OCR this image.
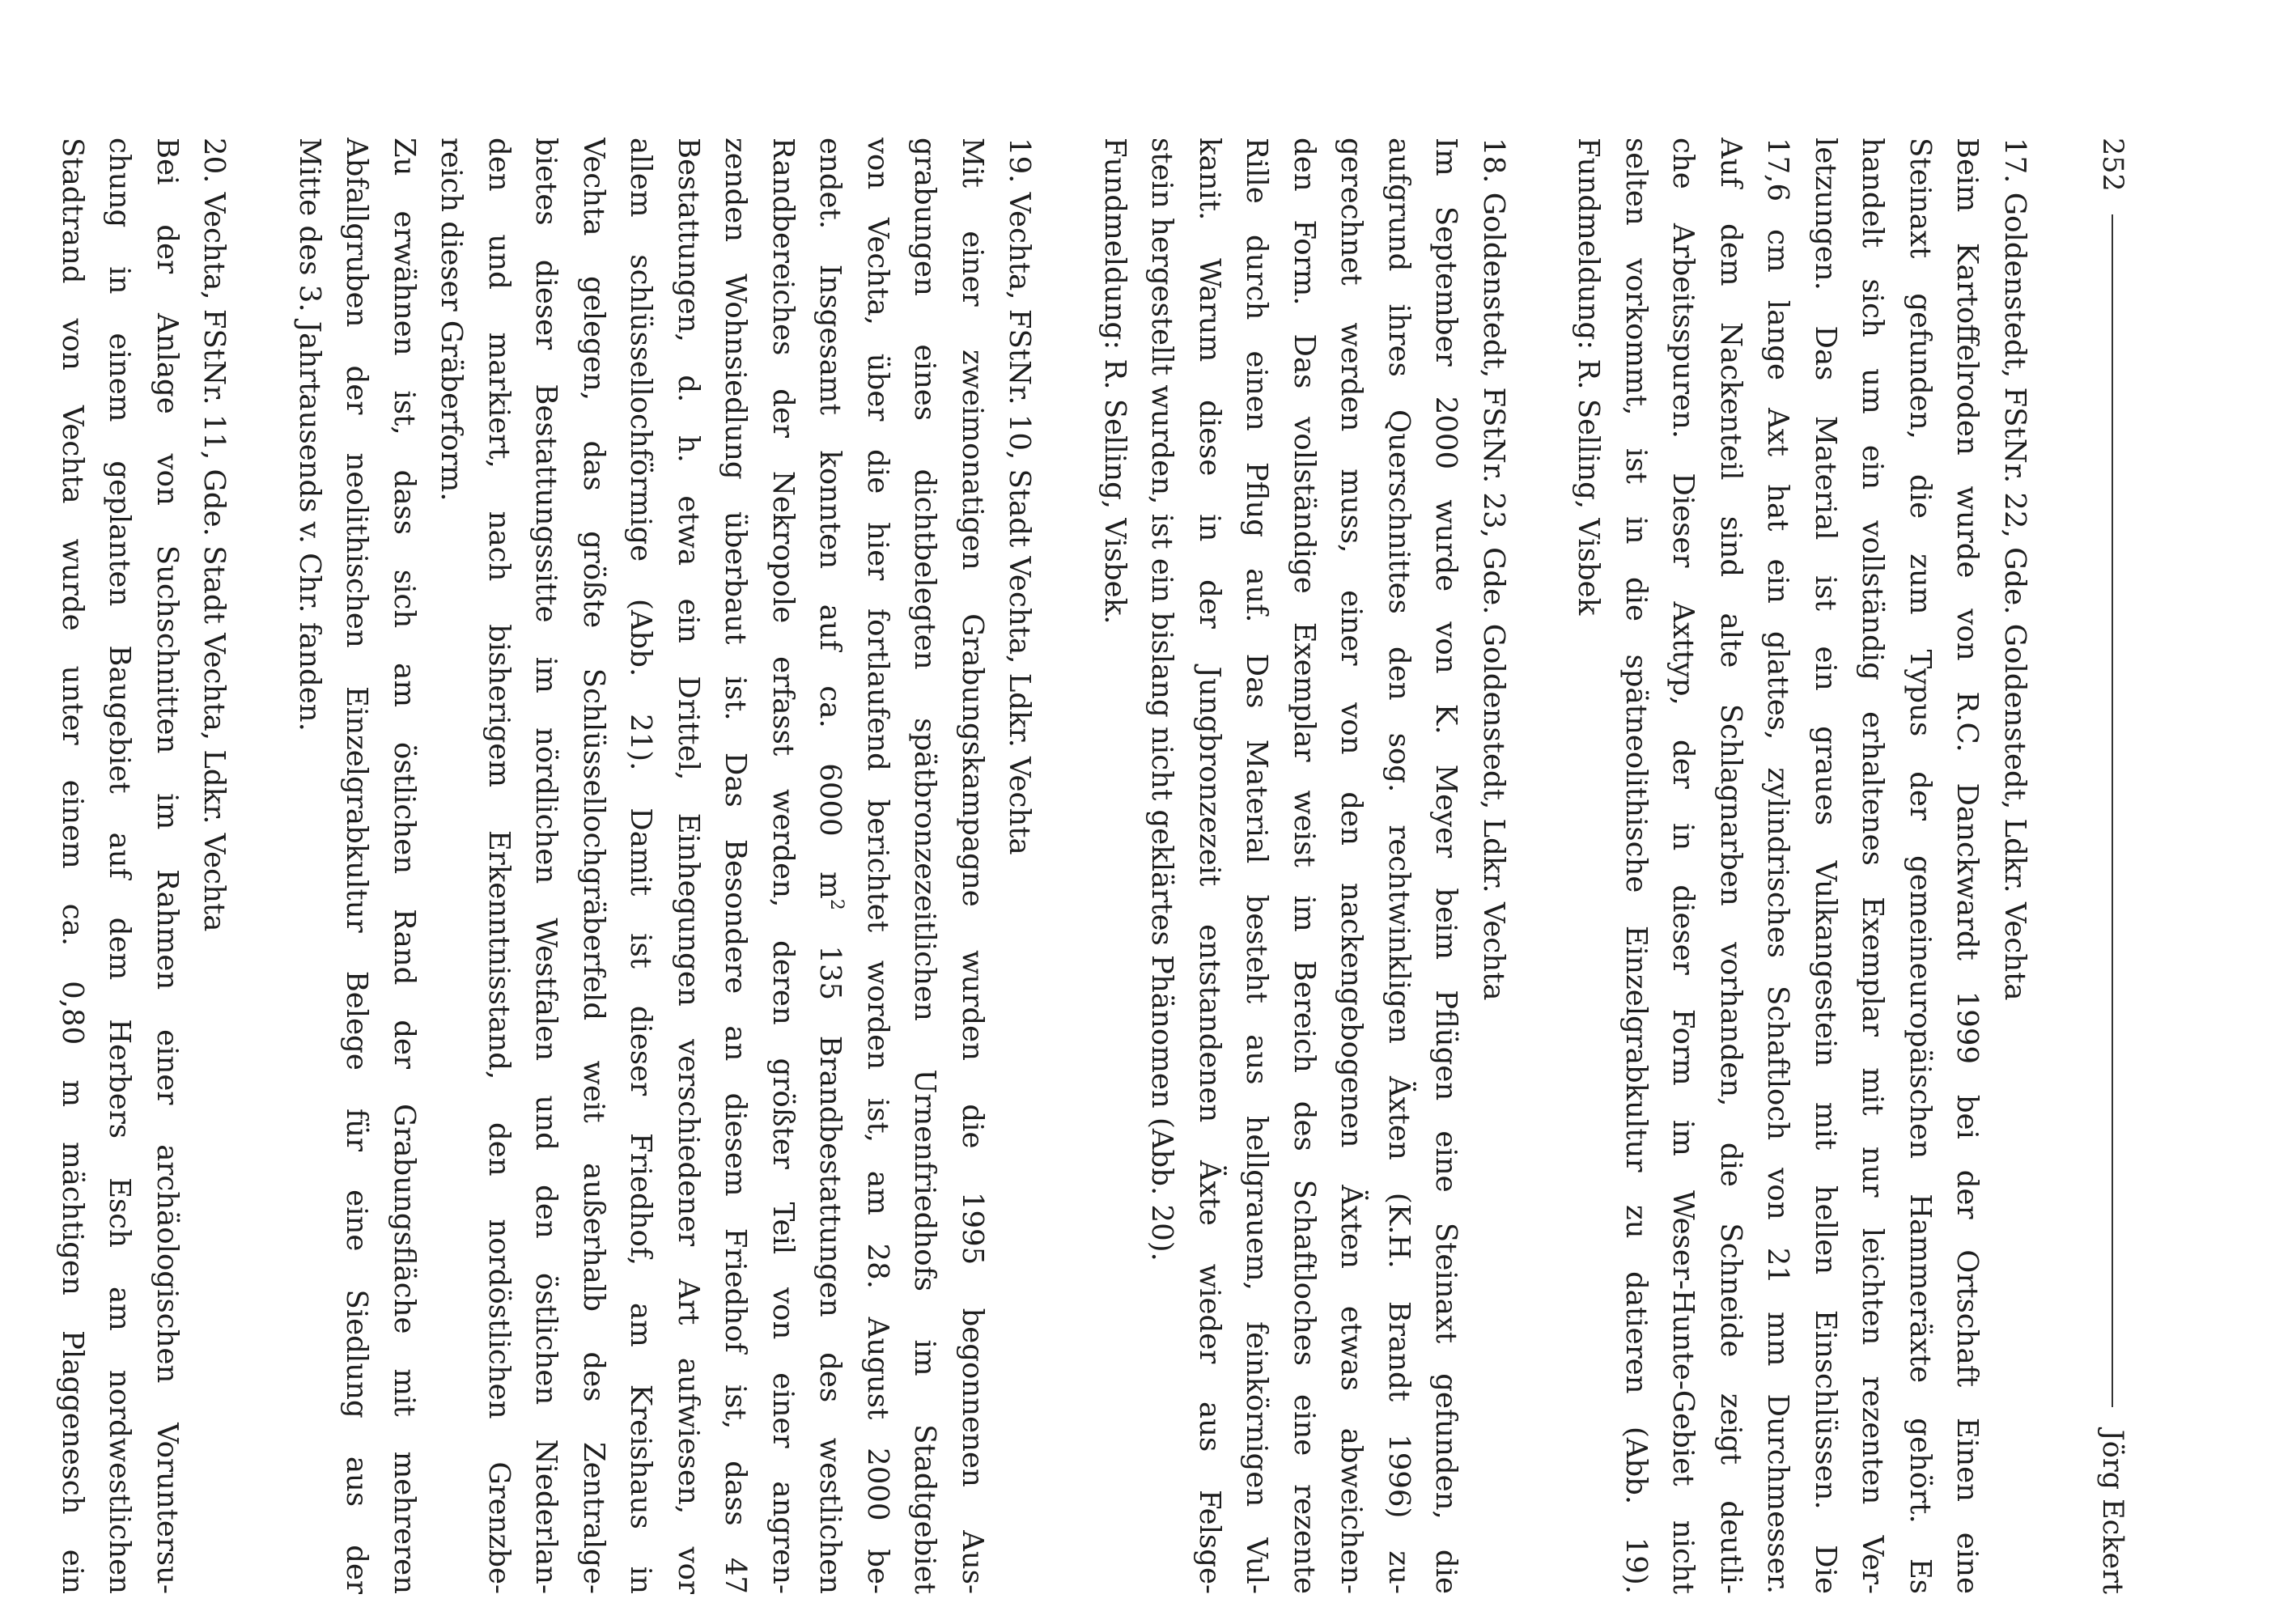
252
Jörg Eckert
17. Goldenstedt, FStNr. 22, Gde. Goldenstedt, Ldkr. Vechta
Beim Kartoffelroden wurde von R.C. Danckwardt 1999 bei der Ortschaft Einen eine
Steinaxt gefunden, die zum Typus der gemeineuropäischen Hammeräxte gehört. Es
handelt sich um ein vollständig erhaltenes Exemplar mit nur leichten rezenten Ver-
letzungen. Das Material ist ein graues Vulkangestein mit hellen Einschlüssen. Die
17,6 cm lange Axt hat ein glattes, zylindrisches Schaftloch von 21 mm Durchmesser.
Auf dem Nackenteil sind alte Schlagnarben vorhanden, die Schneide zeigt deutli-
che Arbeitsspuren. Dieser Axttyp, der in dieser Form im Weser-Hunte-Gebiet nicht
selten vorkommt, ist in die spätneolithische Einzelgrabkultur zu datieren (Abb. 19).
Fundmeldung: R. Selling, Visbek
18. Goldenstedt, FStNr. 23, Gde. Goldenstedt, Ldkr. Vechta
Im September 2000 wurde von K. Meyer beim Pflügen eine Steinaxt gefunden, die
aufgrund ihres Querschnittes den sog. rechtwinkligen Äxten (K.H. Brandt 1996) zu-
gerechnet werden muss, einer von den nackengebogenen Äxten etwas abweichen-
den Form. Das vollständige Exemplar weist im Bereich des Schaftloches eine rezente
Rille durch einen Pflug auf. Das Material besteht aus hellgrauem, feinkörnigen Vul-
kanit. Warum diese in der Jungbronzezeit entstandenen Äxte wieder aus Felsge-
stein hergestellt wurden, ist ein bislang nicht geklärtes Phänomen (Abb. 20).
Fundmeldung: R. Selling, Visbek.
19. Vechta, FStNr. 10, Stadt Vechta, Ldkr. Vechta
Mit einer zweimonatigen Grabungskampagne wurden die 1995 begonnenen Aus-
grabungen eines dichtbelegten spätbronzezeitlichen Urnenfriedhofs im Stadtgebiet
von Vechta, über die hier fortlaufend berichtet worden ist, am 28. August 2000 be-
endet. Insgesamt konnten auf ca. 6000 $m^2$ 135 Brandbestattungen des westlichen
Randbereiches der Nekropole erfasst werden, deren größter Teil von einer angren-
zenden Wohnsiedlung überbaut ist. Das Besondere an diesem Friedhof ist, dass 47
Bestattungen, d. h. etwa ein Drittel, Einhegungen verschiedener Art aufwiesen, vor
allem schlüssellochförmige (Abb. 21). Damit ist dieser Friedhof, am Kreishaus in
Vechta gelegen, das größte Schlüssellochgräberfeld weit außerhalb des Zentralge-
bietes dieser Bestattungssitte im nördlichen Westfalen und den östlichen Niederlan-
den und markiert, nach bisherigem Erkenntnisstand, den nordöstlichen Grenzbe-
reich dieser Gräberform.
Zu erwähnen ist, dass sich am östlichen Rand der Grabungsfläche mit mehreren
Abfallgruben der neolithischen Einzelgrabkultur Belege für eine Siedlung aus der
Mitte des 3. Jahrtausends v. Chr. fanden.
20. Vechta, FStNr. 11, Gde. Stadt Vechta, Ldkr. Vechta
Bei der Anlage von Suchschnitten im Rahmen einer archäologischen Voruntersu-
chung in einem geplanten Baugebiet auf dem Herbers Esch am nordwestlichen
Stadtrand von Vechta wurde unter einem ca. 0,80 m mächtigen Plaggenesch ein
